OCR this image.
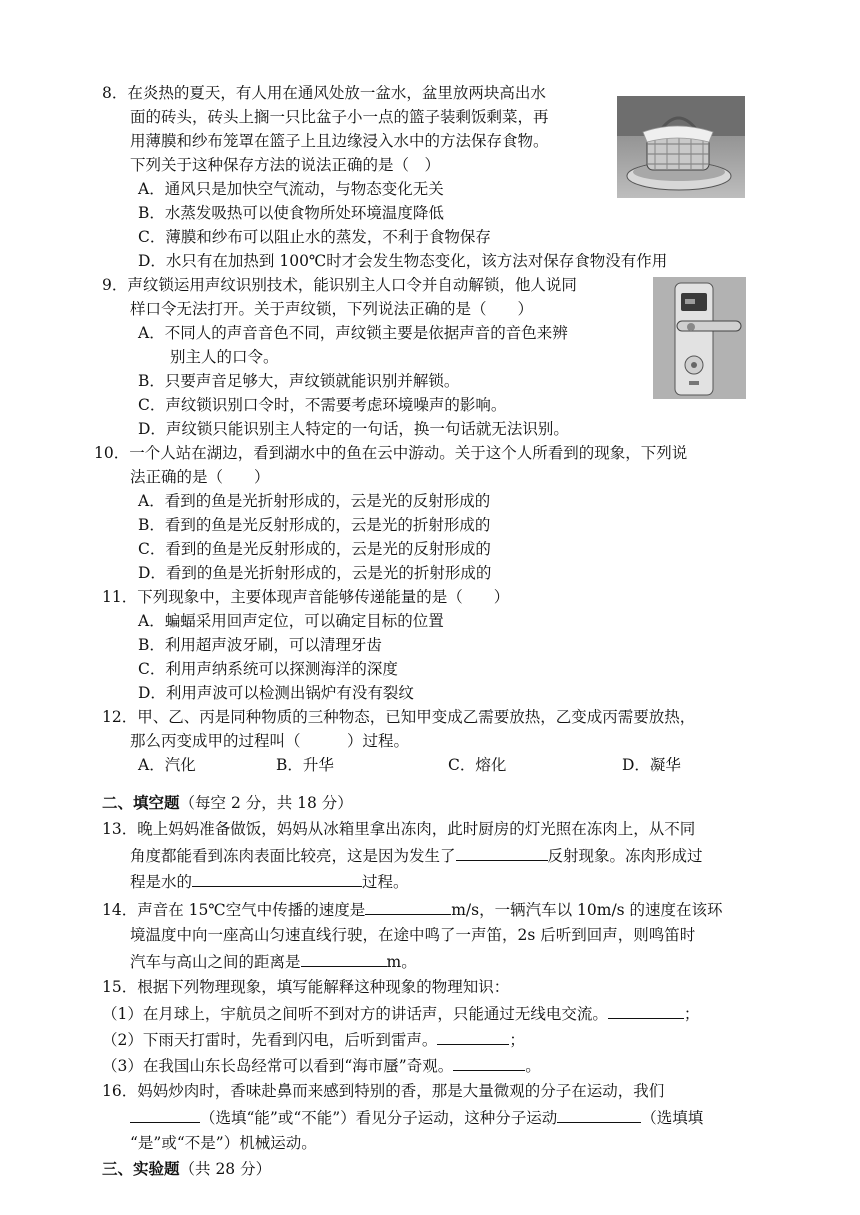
8．在炎热的夏天，有人用在通风处放一盆水，盆里放两块高出水
面的砖头，砖头上搁一只比盆子小一点的篮子装剩饭剩菜，再
用薄膜和纱布笼罩在篮子上且边缘浸入水中的方法保存食物。
下列关于这种保存方法的说法正确的是（　）
A．通风只是加快空气流动，与物态变化无关
B．水蒸发吸热可以使食物所处环境温度降低
C．薄膜和纱布可以阻止水的蒸发，不利于食物保存
D．水只有在加热到 100℃时才会发生物态变化，该方法对保存食物没有作用
9．声纹锁运用声纹识别技术，能识别主人口令并自动解锁，他人说同
样口令无法打开。关于声纹锁，下列说法正确的是（　　）
A．不同人的声音音色不同，声纹锁主要是依据声音的音色来辨
别主人的口令。
B．只要声音足够大，声纹锁就能识别并解锁。
C．声纹锁识别口令时，不需要考虑环境噪声的影响。
D．声纹锁只能识别主人特定的一句话，换一句话就无法识别。
10．一个人站在湖边，看到湖水中的鱼在云中游动。关于这个人所看到的现象，下列说
法正确的是（　　）
A．看到的鱼是光折射形成的，云是光的反射形成的
B．看到的鱼是光反射形成的，云是光的折射形成的
C．看到的鱼是光反射形成的，云是光的反射形成的
D．看到的鱼是光折射形成的，云是光的折射形成的
11．下列现象中，主要体现声音能够传递能量的是（　　）
A．蝙蝠采用回声定位，可以确定目标的位置
B．利用超声波牙刷，可以清理牙齿
C．利用声纳系统可以探测海洋的深度
D．利用声波可以检测出锅炉有没有裂纹
12．甲、乙、丙是同种物质的三种物态，已知甲变成乙需要放热，乙变成丙需要放热，
那么丙变成甲的过程叫（　　　）过程。
A．汽化	B．升华	C．熔化	D．凝华
二、填空题（每空 2 分，共 18 分）
13．晚上妈妈准备做饭，妈妈从冰箱里拿出冻肉，此时厨房的灯光照在冻肉上，从不同
角度都能看到冻肉表面比较亮，这是因为发生了	反射现象。冻肉形成过
程是水的	过程。
14．声音在 15℃空气中传播的速度是	m/s，一辆汽车以 10m/s 的速度在该环
境温度中向一座高山匀速直线行驶，在途中鸣了一声笛，2s 后听到回声，则鸣笛时
汽车与高山之间的距离是	m。
15．根据下列物理现象，填写能解释这种现象的物理知识：
（1）在月球上，宇航员之间听不到对方的讲话声，只能通过无线电交流。	；
（2）下雨天打雷时，先看到闪电，后听到雷声。	；
（3）在我国山东长岛经常可以看到“海市蜃”奇观。	。
16．妈妈炒肉时，香味赴鼻而来感到特别的香，那是大量微观的分子在运动，我们
（选填“能”或“不能”）看见分子运动，这种分子运动	（选填填
“是”或“不是”）机械运动。
三、实验题（共 28 分）
